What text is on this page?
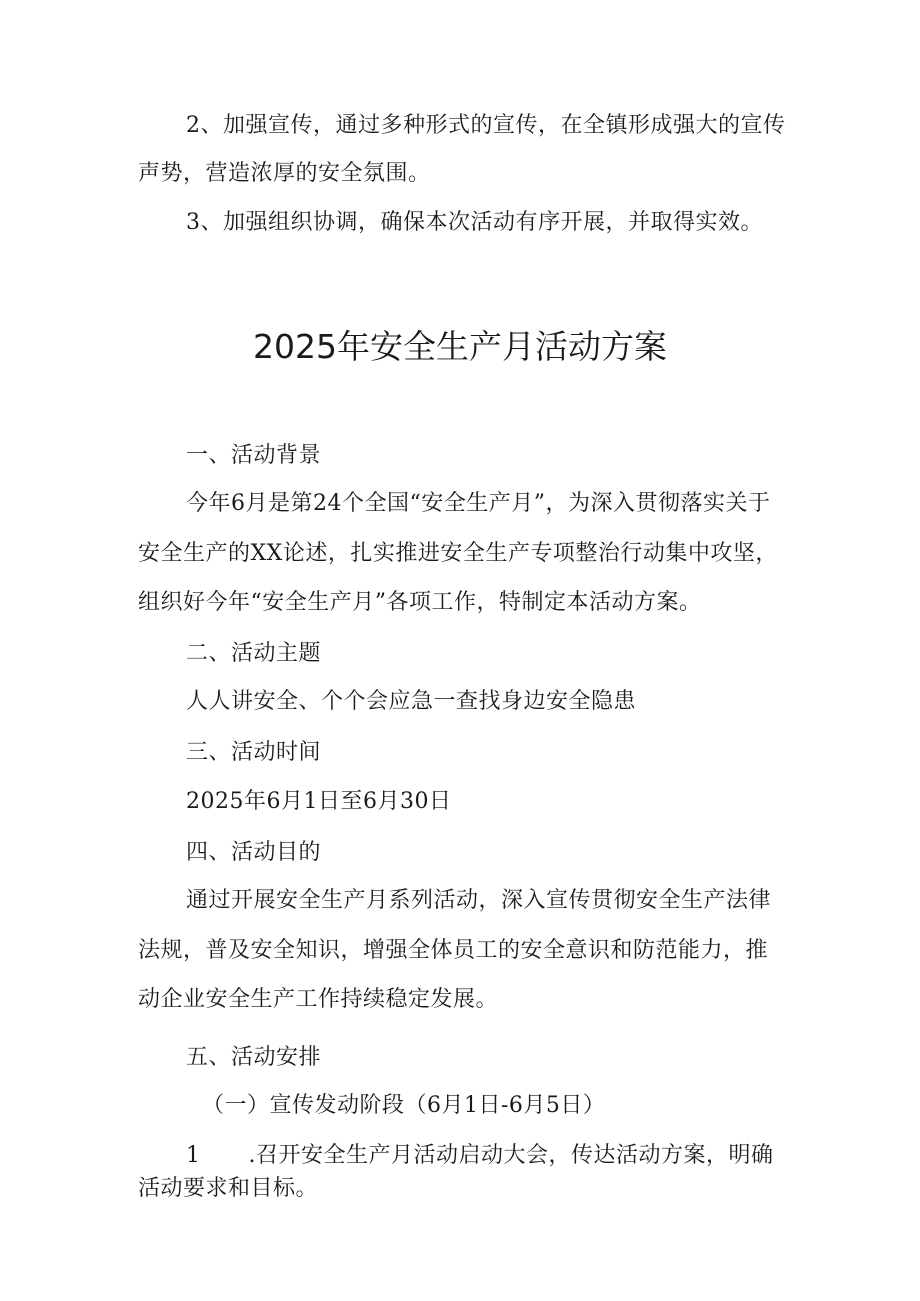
2、加强宣传，通过多种形式的宣传，在全镇形成强大的宣传
声势，营造浓厚的安全氛围。
3、加强组织协调，确保本次活动有序开展，并取得实效。
2025年安全生产月活动方案
一、活动背景
今年6月是第24个全国“安全生产月”，为深入贯彻落实关于
安全生产的XX论述，扎实推进安全生产专项整治行动集中攻坚，
组织好今年“安全生产月”各项工作，特制定本活动方案。
二、活动主题
人人讲安全、个个会应急一查找身边安全隐患
三、活动时间
2025年6月1日至6月30日
四、活动目的
通过开展安全生产月系列活动，深入宣传贯彻安全生产法律
法规，普及安全知识，增强全体员工的安全意识和防范能力，推
动企业安全生产工作持续稳定发展。
五、活动安排
（一）宣传发动阶段（6月1日-6月5日）
1 .召开安全生产月活动启动大会，传达活动方案，明确
活动要求和目标。
